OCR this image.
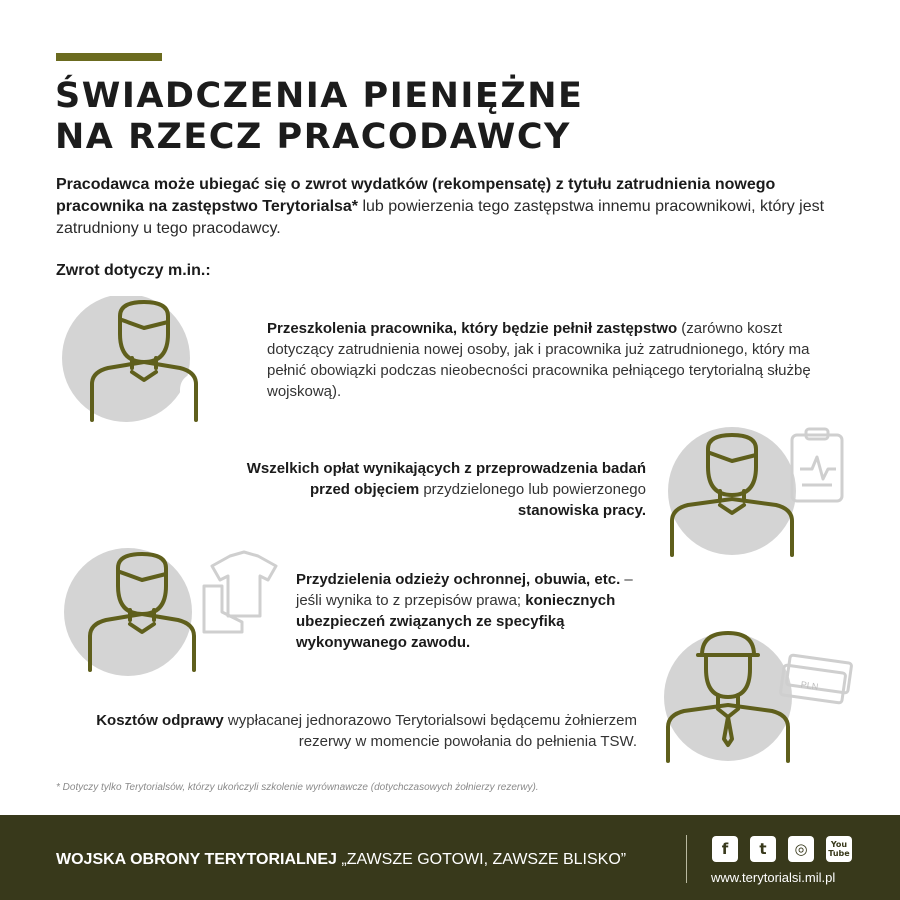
ŚWIADCZENIA PIENIĘŻNE
NA RZECZ PRACODAWCY

Pracodawca może ubiegać się o zwrot wydatków (rekompensatę) z tytułu zatrudnienia nowego pracownika na zastępstwo Terytorialsa* lub powierzenia tego zastępstwa innemu pracownikowi, który jest zatrudniony u tego pracodawcy.

Zwrot dotyczy m.in.:
Przeszkolenia pracownika, który będzie pełnił zastępstwo (zarówno koszt dotyczący zatrudnienia nowej osoby, jak i pracownika już zatrudnionego, który ma pełnić obowiązki podczas nieobecności pracownika pełniącego terytorialną służbę wojskową).
Wszelkich opłat wynikających z przeprowadzenia badań przed objęciem przydzielonego lub powierzonego stanowiska pracy.
Przydzielenia odzieży ochronnej, obuwia, etc. – jeśli wynika to z przepisów prawa; koniecznych ubezpieczeń związanych ze specyfiką wykonywanego zawodu.
PLN
Kosztów odprawy wypłacanej jednorazowo Terytorialsowi będącemu żołnierzem rezerwy w momencie powołania do pełnienia TSW.
* Dotyczy tylko Terytorialsów, którzy ukończyli szkolenie wyrównawcze (dotychczasowych żołnierzy rezerwy).
WOJSKA OBRONY TERYTORIALNEJ „ZAWSZE GOTOWI, ZAWSZE BLISKO”
f	t	◎	You
Tube
www.terytorialsi.mil.pl
